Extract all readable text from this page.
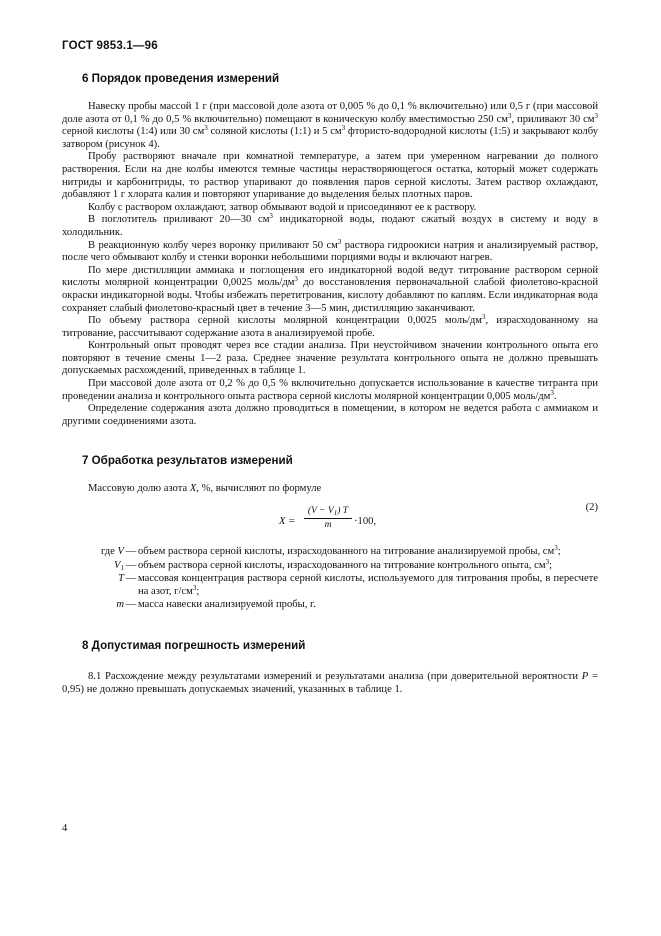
ГОСТ 9853.1—96
6 Порядок проведения измерений

Навеску пробы массой 1 г (при массовой доле азота от 0,005 % до 0,1 % включительно) или 0,5 г (при массовой доле азота от 0,1 % до 0,5 % включительно) помещают в коническую колбу вместимостью 250 $см^3$, приливают 30 $см^3$ серной кислоты (1:4) или 30 $см^3$ соляной кислоты (1:1) и 5 $см^3$ фтористо-водородной кислоты (1:5) и закрывают колбу затвором (рисунок 4).

Пробу растворяют вначале при комнатной температуре, а затем при умеренном нагревании до полного растворения. Если на дне колбы имеются темные частицы нерастворяющегося остатка, который может содержать нитриды и карбонитриды, то раствор упаривают до появления паров серной кислоты. Затем раствор охлаждают, добавляют 1 г хлората калия и повторяют упаривание до выделения белых плотных паров.

Колбу с раствором охлаждают, затвор обмывают водой и присоединяют ее к раствору.

В поглотитель приливают 20—30 $см^3$ индикаторной воды, подают сжатый воздух в систему и воду в холодильник.

В реакционную колбу через воронку приливают 50 $см^3$ раствора гидроокиси натрия и анализируемый раствор, после чего обмывают колбу и стенки воронки небольшими порциями воды и включают нагрев.

По мере дистилляции аммиака и поглощения его индикаторной водой ведут титрование раствором серной кислоты молярной концентрации 0,0025 моль/$дм^3$ до восстановления первоначальной слабой фиолетово-красной окраски индикаторной воды. Чтобы избежать перетитрования, кислоту добавляют по каплям. Если индикаторная вода сохраняет слабый фиолетово-красный цвет в течение 3—5 мин, дистилляцию заканчивают.

По объему раствора серной кислоты молярной концентрации 0,0025 моль/$дм^3$, израсходованному на титрование, рассчитывают содержание азота в анализируемой пробе.

Контрольный опыт проводят через все стадии анализа. При неустойчивом значении контрольного опыта его повторяют в течение смены 1—2 раза. Среднее значение результата контрольного опыта не должно превышать допускаемых расхождений, приведенных в таблице 1.

При массовой доле азота от 0,2 % до 0,5 % включительно допускается использование в качестве титранта при проведении анализа и контрольного опыта раствора серной кислоты молярной концентрации 0,005 моль/$дм^3$.

Определение содержания азота должно проводиться в помещении, в котором не ведется работа с аммиаком и другими соединениями азота.

7 Обработка результатов измерений

Массовую долю азота X, %, вычисляют по формуле

X =
$(V - V_1)$ T
m	·100,
(2)
где V — объем раствора серной кислоты, израсходованного на титрование анализируемой пробы, $см^3$;
$V_1$ — объем раствора серной кислоты, израсходованного на титрование контрольного опыта, $см^3$;
T — массовая концентрация раствора серной кислоты, используемого для титрования пробы, в пересчете на азот, $г/см^3$;
m — масса навески анализируемой пробы, г.
8 Допустимая погрешность измерений

8.1 Расхождение между результатами измерений и результатами анализа (при доверительной вероятности P = 0,95) не должно превышать допускаемых значений, указанных в таблице 1.

4
